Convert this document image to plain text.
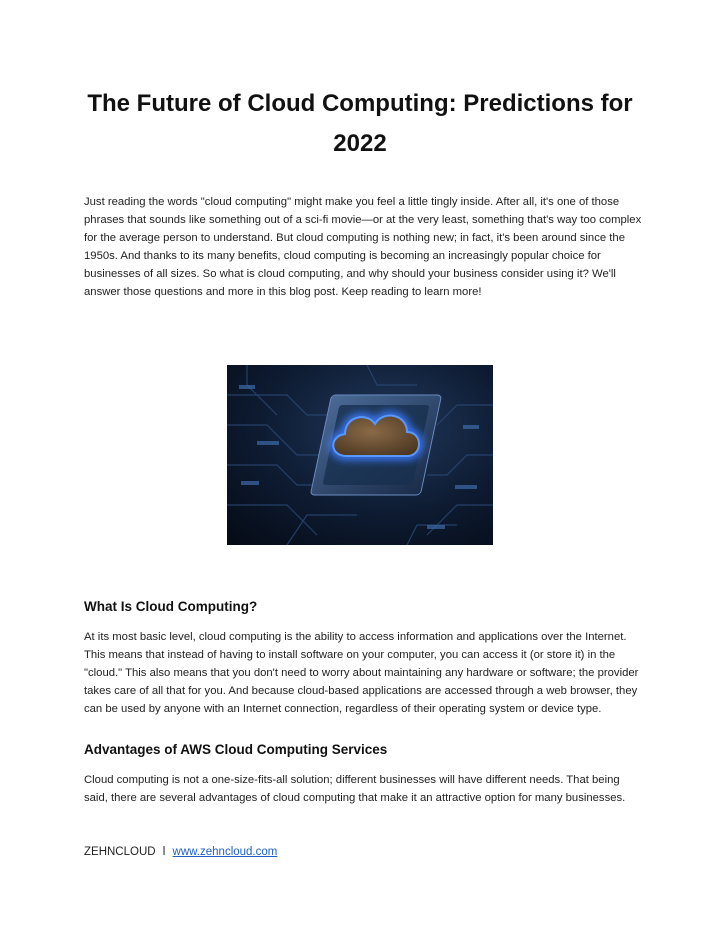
The Future of Cloud Computing: Predictions for 2022

Just reading the words "cloud computing" might make you feel a little tingly inside. After all, it's one of those phrases that sounds like something out of a sci-fi movie—or at the very least, something that's way too complex for the average person to understand. But cloud computing is nothing new; in fact, it's been around since the 1950s. And thanks to its many benefits, cloud computing is becoming an increasingly popular choice for businesses of all sizes. So what is cloud computing, and why should your business consider using it? We'll answer those questions and more in this blog post. Keep reading to learn more!

What Is Cloud Computing?

At its most basic level, cloud computing is the ability to access information and applications over the Internet. This means that instead of having to install software on your computer, you can access it (or store it) in the "cloud." This also means that you don't need to worry about maintaining any hardware or software; the provider takes care of all that for you. And because cloud-based applications are accessed through a web browser, they can be used by anyone with an Internet connection, regardless of their operating system or device type.

Advantages of AWS Cloud Computing Services

Cloud computing is not a one-size-fits-all solution; different businesses will have different needs. That being said, there are several advantages of cloud computing that make it an attractive option for many businesses.

ZEHNCLOUD l www.zehncloud.com
